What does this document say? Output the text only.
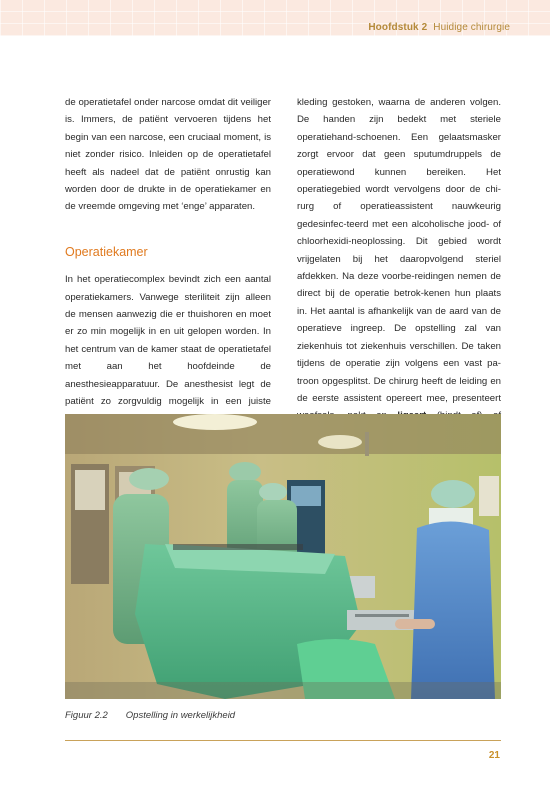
Hoofdstuk 2 Huidige chirurgie

de operatietafel onder narcose omdat dit veiliger is. Immers, de patiënt vervoeren tijdens het begin van een narcose, een cruciaal moment, is niet zonder risico. Inleiden op de operatietafel heeft als nadeel dat de patiënt onrustig kan worden door de drukte in de operatiekamer en de vreemde omgeving met ‘enge’ apparaten.

Operatiekamer

In het operatiecomplex bevindt zich een aantal operatiekamers. Vanwege steriliteit zijn alleen de mensen aanwezig die er thuishoren en moet er zo min mogelijk in en uit gelopen worden. In het centrum van de kamer staat de operatietafel met aan het hoofdeinde de anesthesieapparatuur. De anesthesist legt de patiënt zo zorgvuldig mogelijk in een juiste

kleding gestoken, waarna de anderen volgen. De handen zijn bedekt met steriele operatiehand-schoenen. Een gelaatsmasker zorgt ervoor dat geen sputumdruppels de operatiewond kunnen bereiken. Het operatiegebied wordt vervolgens door de chi-rurg of operatieassistent nauwkeurig gedesinfec-teerd met een alcoholische jood- of chloorhexidi-neoplossing. Dit gebied wordt vrijgelaten bij het daaropvolgend steriel afdekken. Na deze voorbe-reidingen nemen de direct bij de operatie betrok-kenen hun plaats in. Het aantal is afhankelijk van de aard van de operatieve ingreep. De opstelling zal van ziekenhuis tot ziekenhuis verschillen. De taken tijdens de operatie zijn volgens een vast pa-troon opgesplitst. De chirurg heeft de leiding en de eerste assistent opereert mee, presenteert

Figuur 2.2 Opstelling in werkelijkheid
21
